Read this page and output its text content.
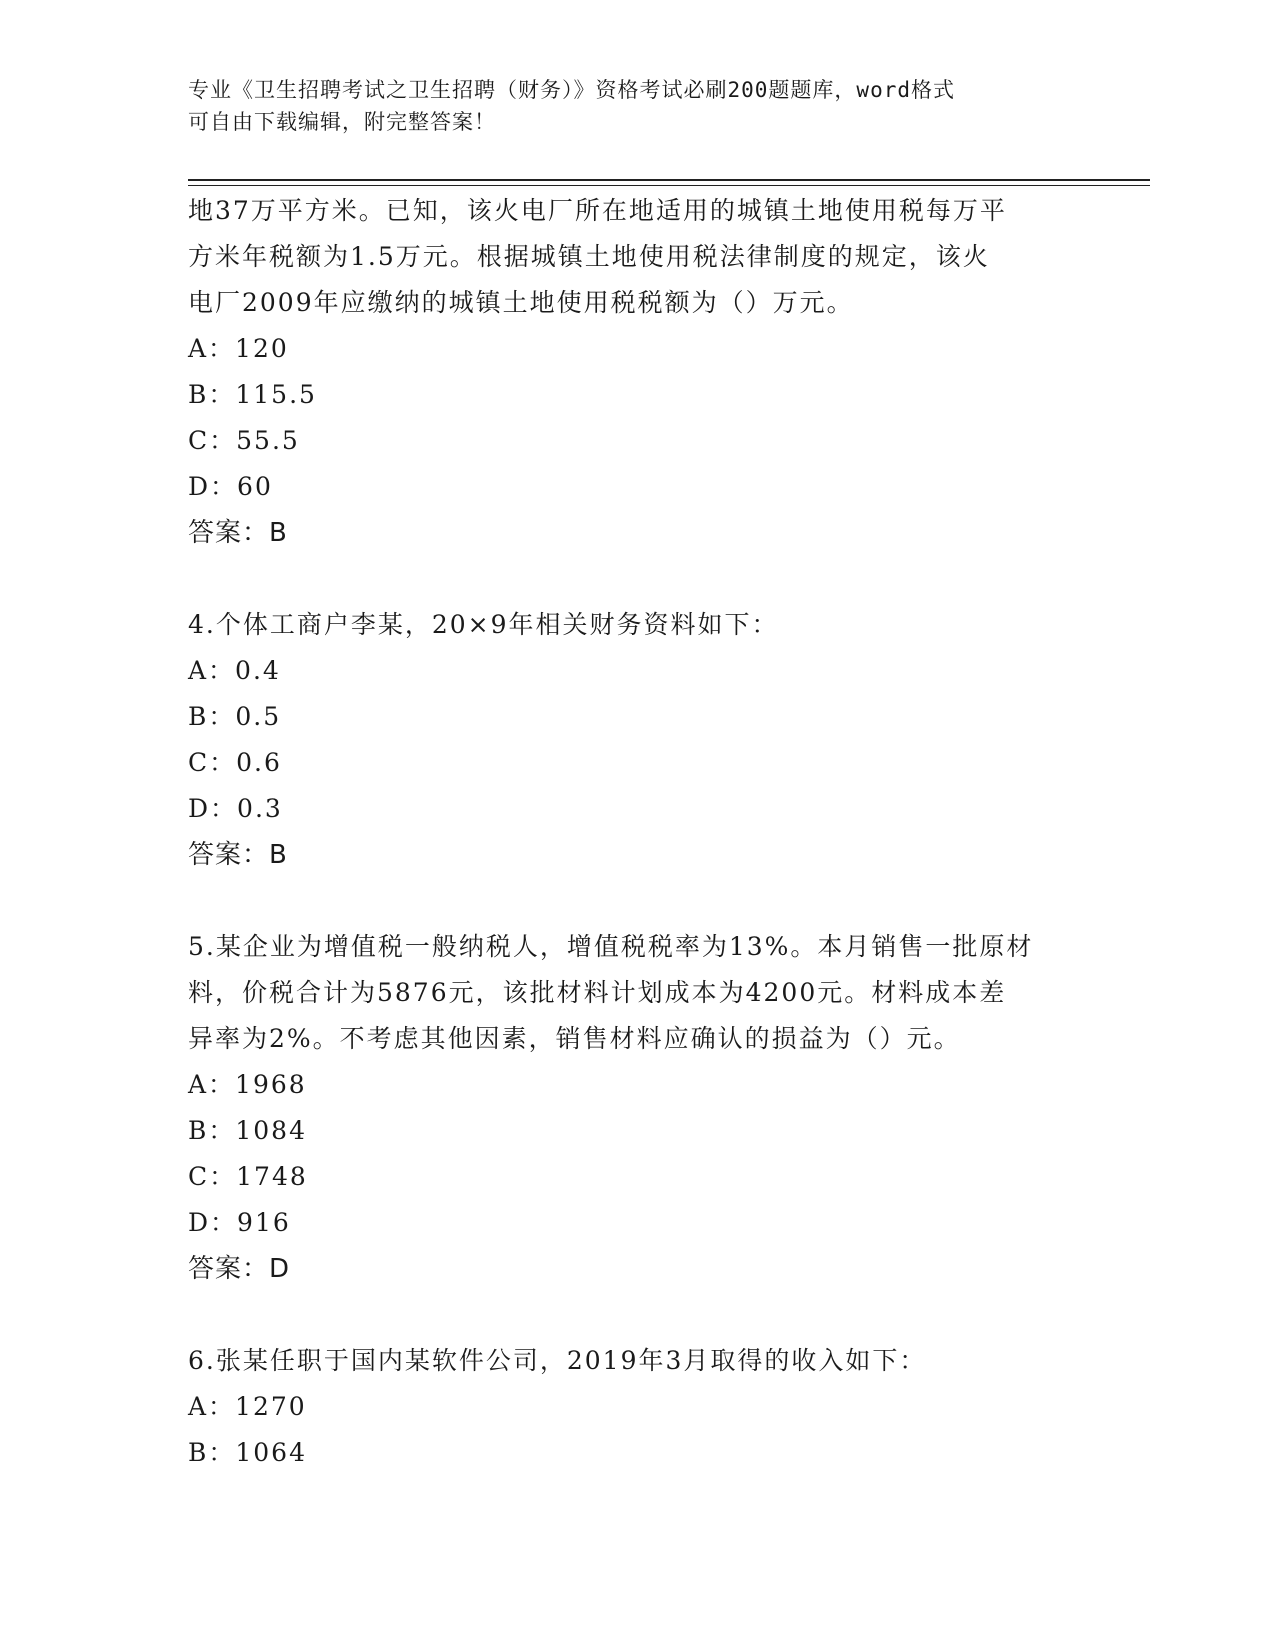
专业《卫生招聘考试之卫生招聘（财务）》资格考试必刷200题题库，word格式
可自由下载编辑，附完整答案！
地37万平方米。已知，该火电厂所在地适用的城镇土地使用税每万平
方米年税额为1.5万元。根据城镇土地使用税法律制度的规定，该火
电厂2009年应缴纳的城镇土地使用税税额为（）万元。
A：120
B：115.5
C：55.5
D：60
答案：B
4.个体工商户李某，20×9年相关财务资料如下：
A：0.4
B：0.5
C：0.6
D：0.3
答案：B
5.某企业为增值税一般纳税人，增值税税率为13%。本月销售一批原材
料，价税合计为5876元，该批材料计划成本为4200元。材料成本差
异率为2%。不考虑其他因素，销售材料应确认的损益为（）元。
A：1968
B：1084
C：1748
D：916
答案：D
6.张某任职于国内某软件公司，2019年3月取得的收入如下：
A：1270
B：1064
